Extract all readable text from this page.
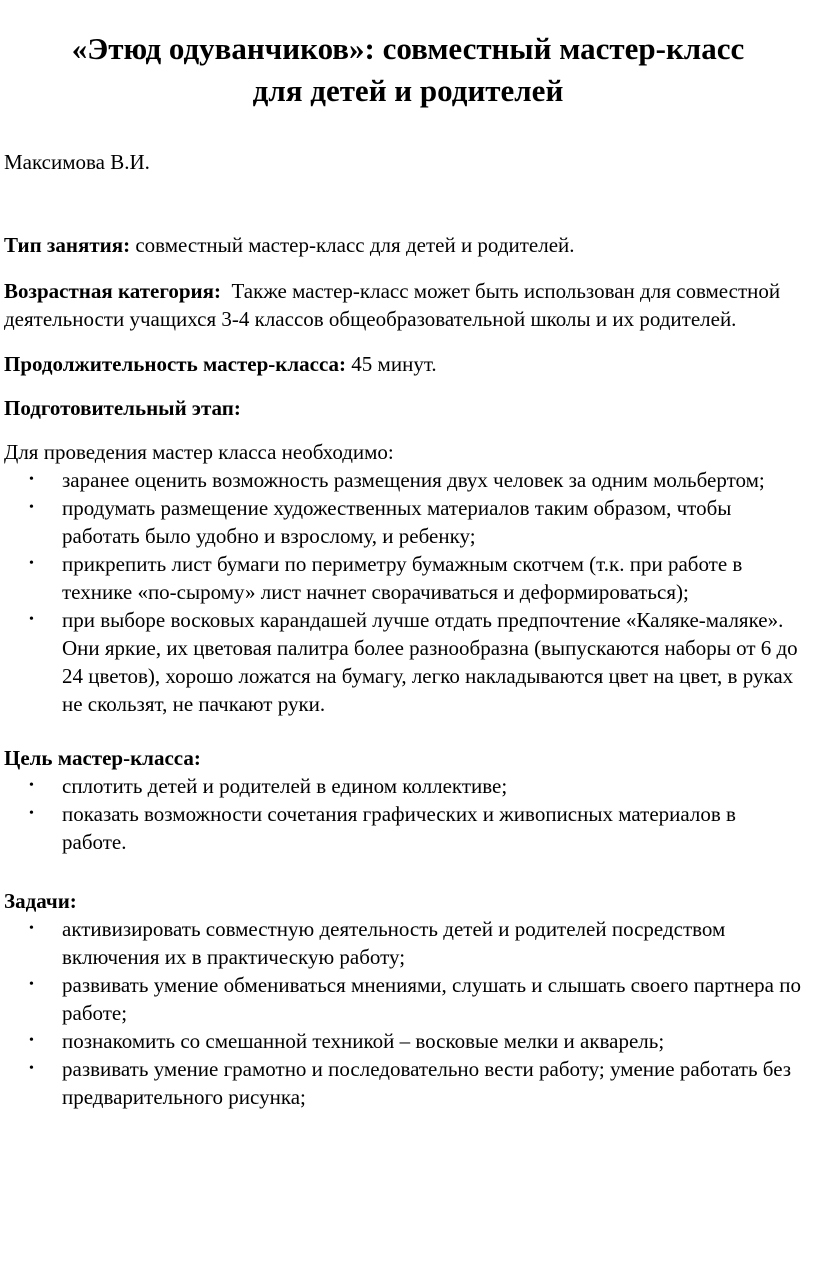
«Этюд одуванчиков»: совместный мастер-класс
для детей и родителей

Максимова В.И.

Тип занятия: совместный мастер-класс для детей и родителей.

Возрастная категория:  Также мастер-класс может быть использован для совместной деятельности учащихся 3-4 классов общеобразовательной школы и их родителей.

Продолжительность мастер-класса: 45 минут.

Подготовительный этап:

Для проведения мастер класса необходимо:

• заранее оценить возможность размещения двух человек за одним мольбертом;
• продумать размещение художественных материалов таким образом, чтобы работать было удобно и взрослому, и ребенку;
• прикрепить лист бумаги по периметру бумажным скотчем (т.к. при работе в технике «по-сырому» лист начнет сворачиваться и деформироваться);
• при выборе восковых карандашей лучше отдать предпочтение «Каляке-маляке». Они яркие, их цветовая палитра более разнообразна (выпускаются наборы от 6 до 24 цветов), хорошо ложатся на бумагу, легко накладываются цвет на цвет, в руках не скользят, не пачкают руки.

Цель мастер-класса:

• сплотить детей и родителей в едином коллективе;
• показать возможности сочетания графических и живописных материалов в работе.

Задачи:

• активизировать совместную деятельность детей и родителей посредством включения их в практическую работу;
• развивать умение обмениваться мнениями, слушать и слышать своего партнера по работе;
• познакомить со смешанной техникой – восковые мелки и акварель;
• развивать умение грамотно и последовательно вести работу; умение работать без предварительного рисунка;
